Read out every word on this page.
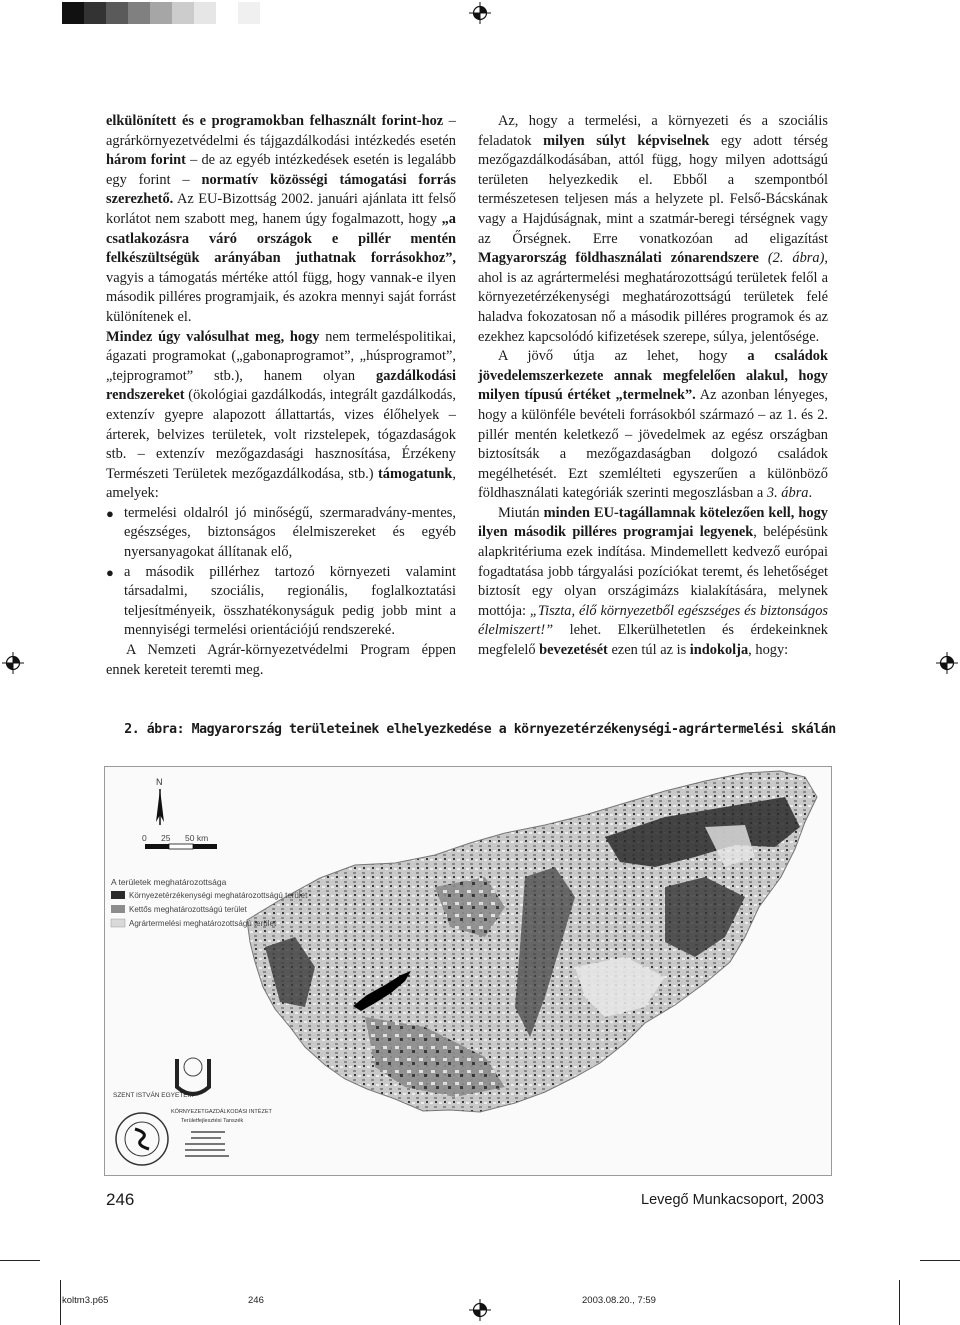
elkülönített és e programokban felhasznált forint-hoz – agrárkörnyezetvédelmi és tájgazdálkodási intézkedés esetén három forint – de az egyéb intézkedések esetén is legalább egy forint – normatív közösségi támogatási forrás szerezhető. Az EU-Bizottság 2002. januári ajánlata itt felső korlátot nem szabott meg, hanem úgy fogalmazott, hogy „a csatlakozásra váró országok e pillér mentén felkészültségük arányában juthatnak forrásokhoz”, vagyis a támogatás mértéke attól függ, hogy vannak-e ilyen második pilléres programjaik, és azokra mennyi saját forrást különítenek el.

Mindez úgy valósulhat meg, hogy nem termeléspolitikai, ágazati programokat („gabonaprogramot”, „húsprogramot”, „tejprogramot” stb.), hanem olyan gazdálkodási rendszereket (ökológiai gazdálkodás, integrált gazdálkodás, extenzív gyepre alapozott állattartás, vizes élőhelyek – árterek, belvizes területek, volt rizstelepek, tógazdaságok stb. – extenzív mezőgazdasági hasznosítása, Érzékeny Természeti Területek mezőgazdálkodása, stb.) támogatunk, amelyek:

● termelési oldalról jó minőségű, szermaradvány-mentes, egészséges, biztonságos élelmiszereket és egyéb nyersanyagokat állítanak elő,
● a második pillérhez tartozó környezeti valamint társadalmi, szociális, regionális, foglalkoztatási teljesítményeik, összhatékonyságuk pedig jobb mint a mennyiségi termelési orientációjú rendszereké.

A Nemzeti Agrár-környezetvédelmi Program éppen ennek kereteit teremti meg.

Az, hogy a termelési, a környezeti és a szociális feladatok milyen súlyt képviselnek egy adott térség mezőgazdálkodásában, attól függ, hogy milyen adottságú területen helyezkedik el. Ebből a szempontból természetesen teljesen más a helyzete pl. Felső-Bácskának vagy a Hajdúságnak, mint a szatmár-beregi térségnek vagy az Őrségnek. Erre vonatkozóan ad eligazítást Magyarország földhasználati zónarendszere (2. ábra), ahol is az agrártermelési meghatározottságú területek felől a környezetérzékenységi meghatározottságú területek felé haladva fokozatosan nő a második pilléres programok és az ezekhez kapcsolódó kifizetések szerepe, súlya, jelentősége.

A jövő útja az lehet, hogy a családok jövedelemszerkezete annak megfelelően alakul, hogy milyen típusú értéket „termelnek”. Az azonban lényeges, hogy a különféle bevételi forrásokból származó – az 1. és 2. pillér mentén keletkező – jövedelmek az egész országban biztosítsák a mezőgazdaságban dolgozó családok megélhetését. Ezt szemlélteti egyszerűen a különböző földhasználati kategóriák szerinti megoszlásban a 3. ábra.

Miután minden EU-tagállamnak kötelezően kell, hogy ilyen második pilléres programjai legyenek, belépésünk alapkritériuma ezek indítása. Mindemellett kedvező európai fogadtatása jobb tárgyalási pozíciókat teremt, és lehetőséget biztosít egy olyan országimázs kialakítására, melynek mottója: „Tiszta, élő környezetből egészséges és biztonságos élelmiszert!” lehet. Elkerülhetetlen és érdekeinknek megfelelő bevezetését ezen túl az is indokolja, hogy:

2. ábra: Magyarország területeinek elhelyezkedése a környezetérzékenységi-agrártermelési skálán
N
0 25 50 km
A területek meghatározottsága
Környezetérzékenységi meghatározottságú terület
Kettős meghatározottságú terület
Agrártermelési meghatározottságú terület
SZENT ISTVÁN EGYETEM
KÖRNYEZETGAZDÁLKODÁSI INTÉZET
Területfejlesztési Tanszék
246	Levegő Munkacsoport, 2003
koltm3.p65	246	2003.08.20., 7:59
